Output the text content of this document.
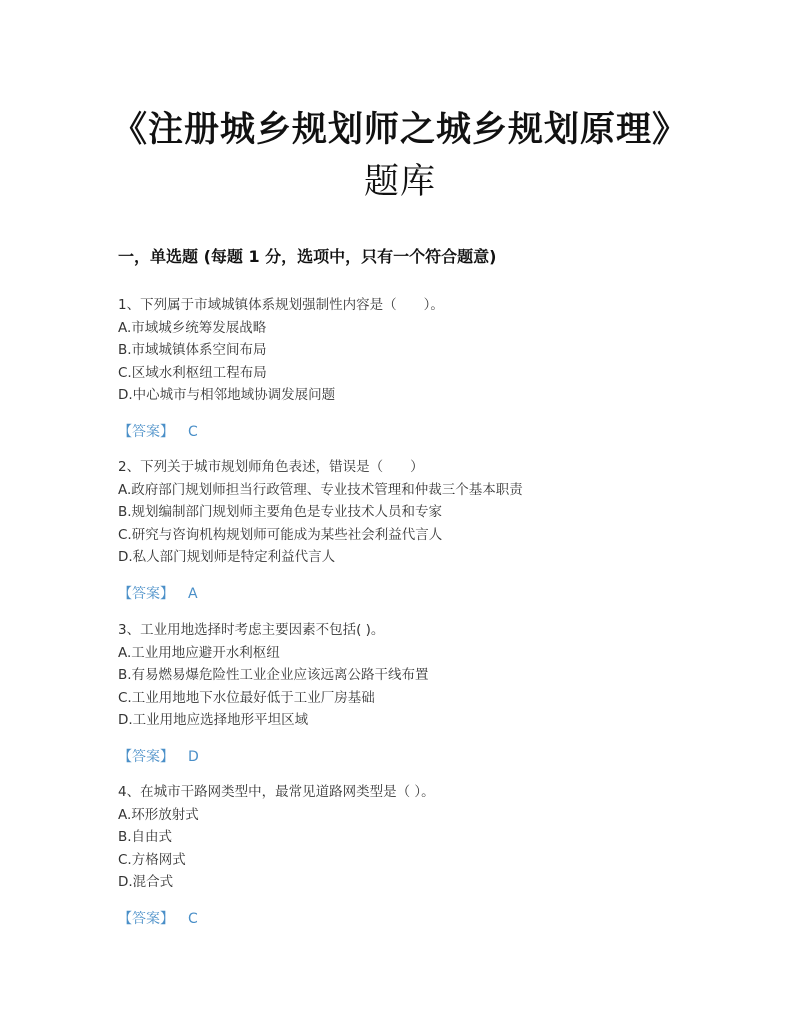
《注册城乡规划师之城乡规划原理》
题库
一，单选题 (每题 1 分，选项中，只有一个符合题意)
1、下列属于市域城镇体系规划强制性内容是（　　）。
A.市域城乡统筹发展战略
B.市域城镇体系空间布局
C.区域水利枢纽工程布局
D.中心城市与相邻地域协调发展问题
【答案】 C
2、下列关于城市规划师角色表述，错误是（　　）
A.政府部门规划师担当行政管理、专业技术管理和仲裁三个基本职责
B.规划编制部门规划师主要角色是专业技术人员和专家
C.研究与咨询机构规划师可能成为某些社会利益代言人
D.私人部门规划师是特定利益代言人
【答案】 A
3、工业用地选择时考虑主要因素不包括( )。
A.工业用地应避开水利枢纽
B.有易燃易爆危险性工业企业应该远离公路干线布置
C.工业用地地下水位最好低于工业厂房基础
D.工业用地应选择地形平坦区域
【答案】 D
4、在城市干路网类型中，最常见道路网类型是（ ）。
A.环形放射式
B.自由式
C.方格网式
D.混合式
【答案】 C
